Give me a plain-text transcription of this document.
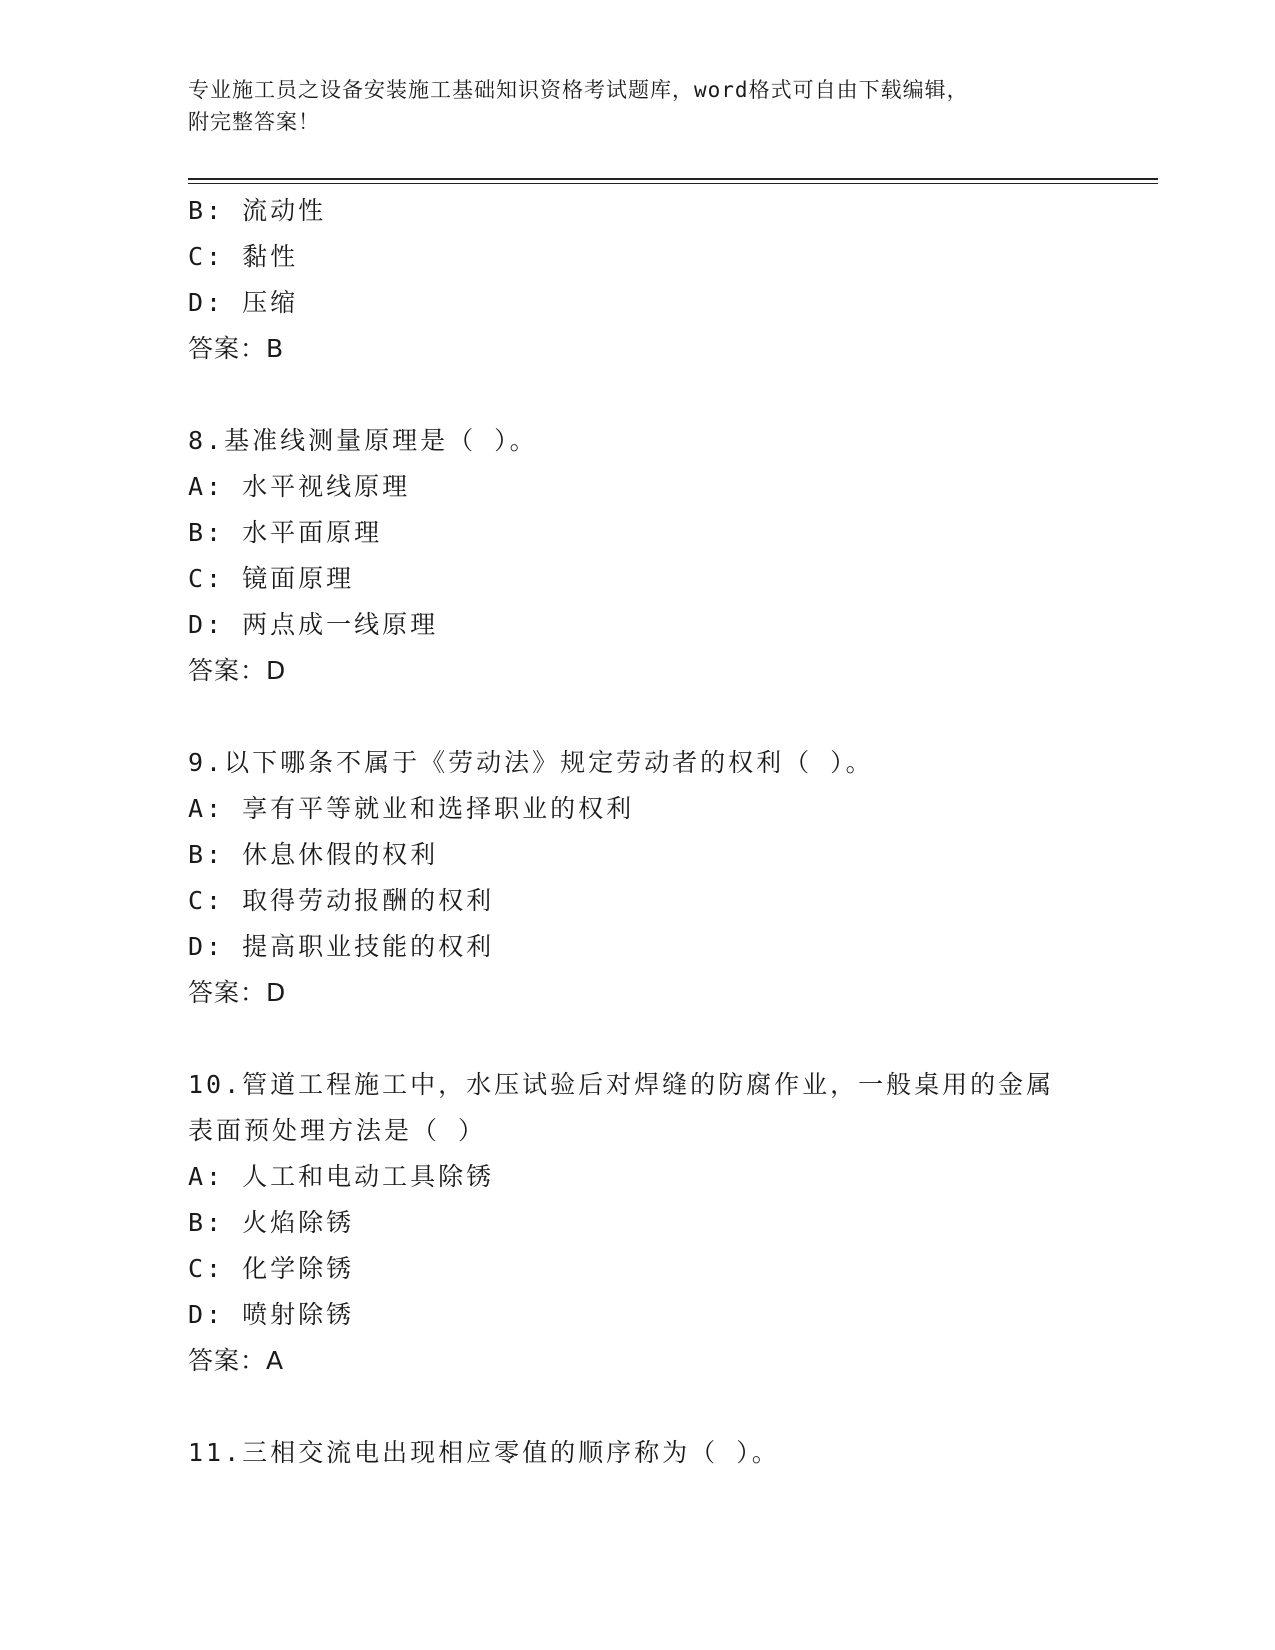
专业施工员之设备安装施工基础知识资格考试题库，word格式可自由下载编辑，
附完整答案！
B: 流动性
C: 黏性
D: 压缩
答案：B
8.基准线测量原理是（ ）。
A: 水平视线原理
B: 水平面原理
C: 镜面原理
D: 两点成一线原理
答案：D
9.以下哪条不属于《劳动法》规定劳动者的权利（ ）。
A: 享有平等就业和选择职业的权利
B: 休息休假的权利
C: 取得劳动报酬的权利
D: 提高职业技能的权利
答案：D
10.管道工程施工中，水压试验后对焊缝的防腐作业，一般桌用的金属
表面预处理方法是（ ）
A: 人工和电动工具除锈
B: 火焰除锈
C: 化学除锈
D: 喷射除锈
答案：A
11.三相交流电出现相应零值的顺序称为（ ）。
